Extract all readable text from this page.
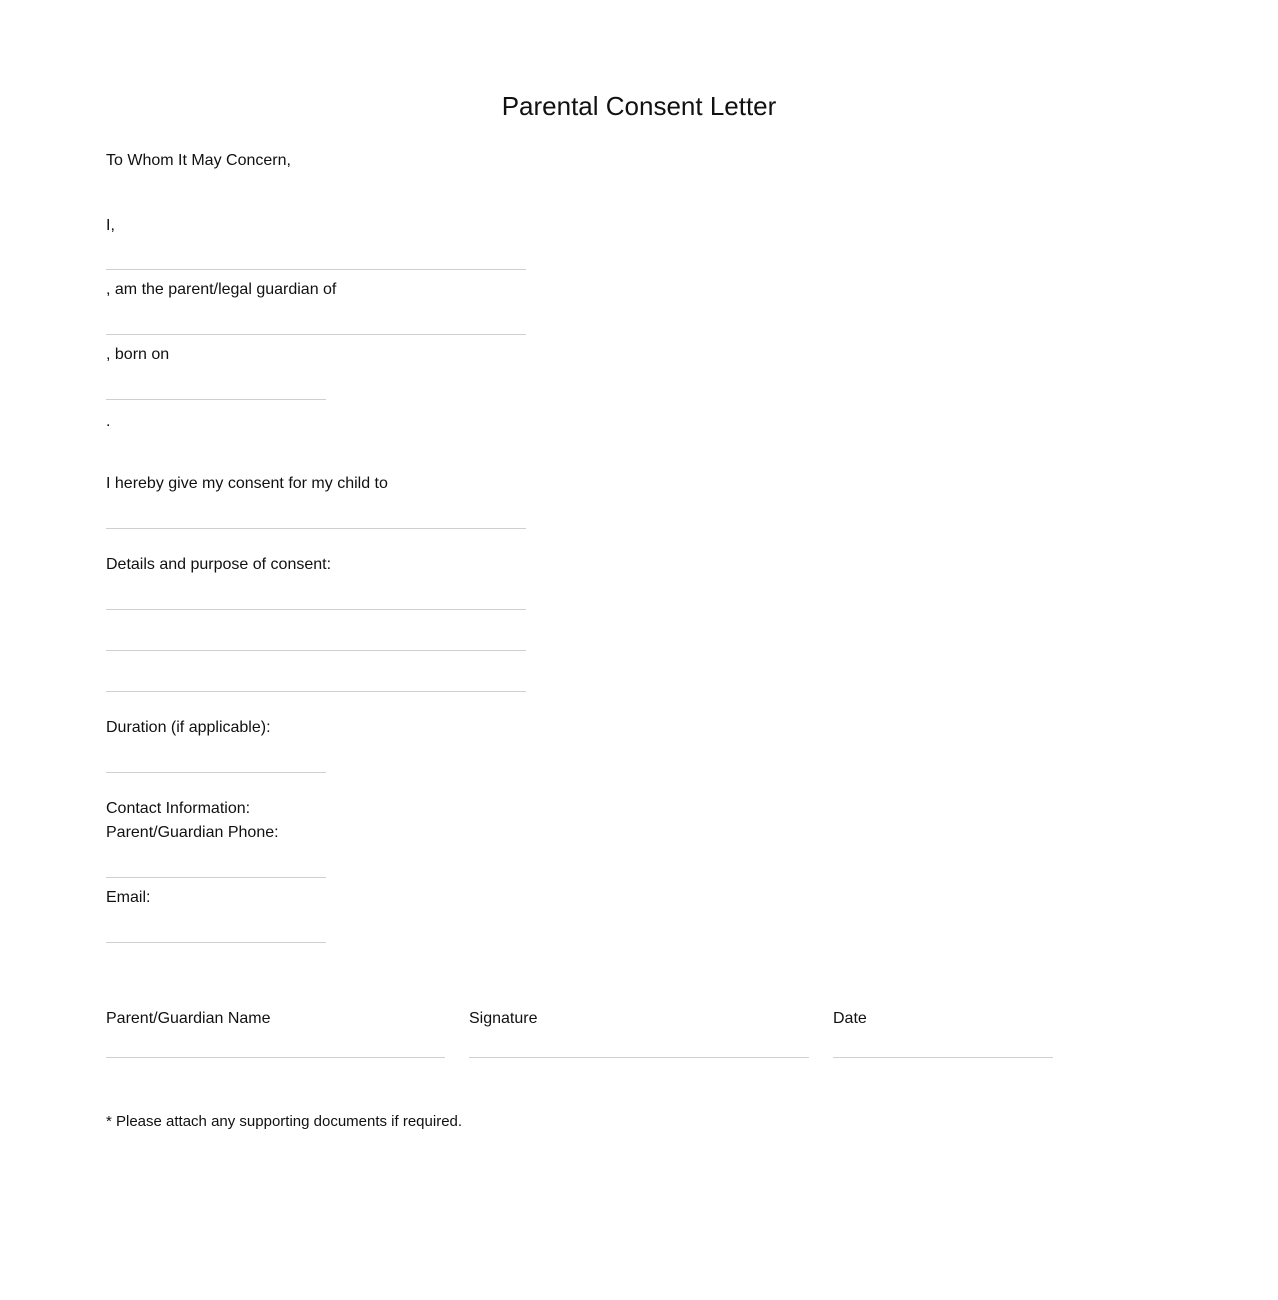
Parental Consent Letter
To Whom It May Concern,
I,
, am the parent/legal guardian of
, born on
.
I hereby give my consent for my child to
Details and purpose of consent:
Duration (if applicable):
Contact Information:
Parent/Guardian Phone:
Email:
Parent/Guardian Name	Signature	Date
* Please attach any supporting documents if required.
